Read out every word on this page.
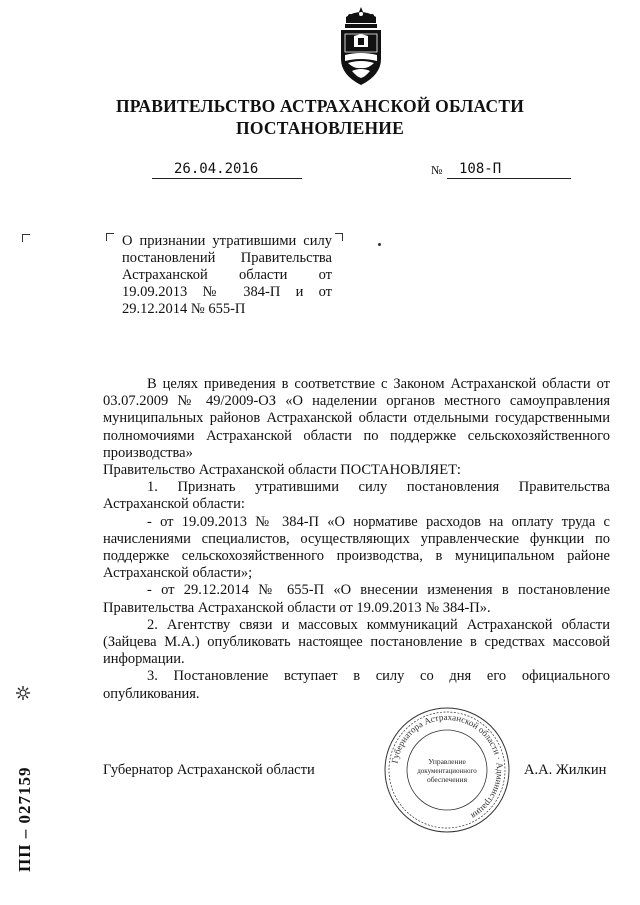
ПРАВИТЕЛЬСТВО АСТРАХАНСКОЙ ОБЛАСТИ
ПОСТАНОВЛЕНИЕ
26.04.2016	№ 108-П
О признании утратившими силу постановлений Правительства Астраханской области от 19.09.2013 № 384-П и от 29.12.2014 № 655-П

В целях приведения в соответствие с Законом Астраханской области от 03.07.2009 № 49/2009-ОЗ «О наделении органов местного самоуправления муниципальных районов Астраханской области отдельными государственными полномочиями Астраханской области по поддержке сельскохозяйственного производства»

Правительство Астраханской области ПОСТАНОВЛЯЕТ:

1. Признать утратившими силу постановления Правительства Астраханской области:

- от 19.09.2013 № 384-П «О нормативе расходов на оплату труда с начислениями специалистов, осуществляющих управленческие функции по поддержке сельскохозяйственного производства, в муниципальном районе Астраханской области»;

- от 29.12.2014 № 655-П «О внесении изменения в постановление Правительства Астраханской области от 19.09.2013 № 384-П».

2. Агентству связи и массовых коммуникаций Астраханской области (Зайцева М.А.) опубликовать настоящее постановление в средствах массовой информации.

3. Постановление вступает в силу со дня его официального опубликования.

Губернатор Астраханской области	А.А. Жилкин
Губернатора Астраханской области · Администрация
Управление
документационного
обеспечения
ПП – 027159
